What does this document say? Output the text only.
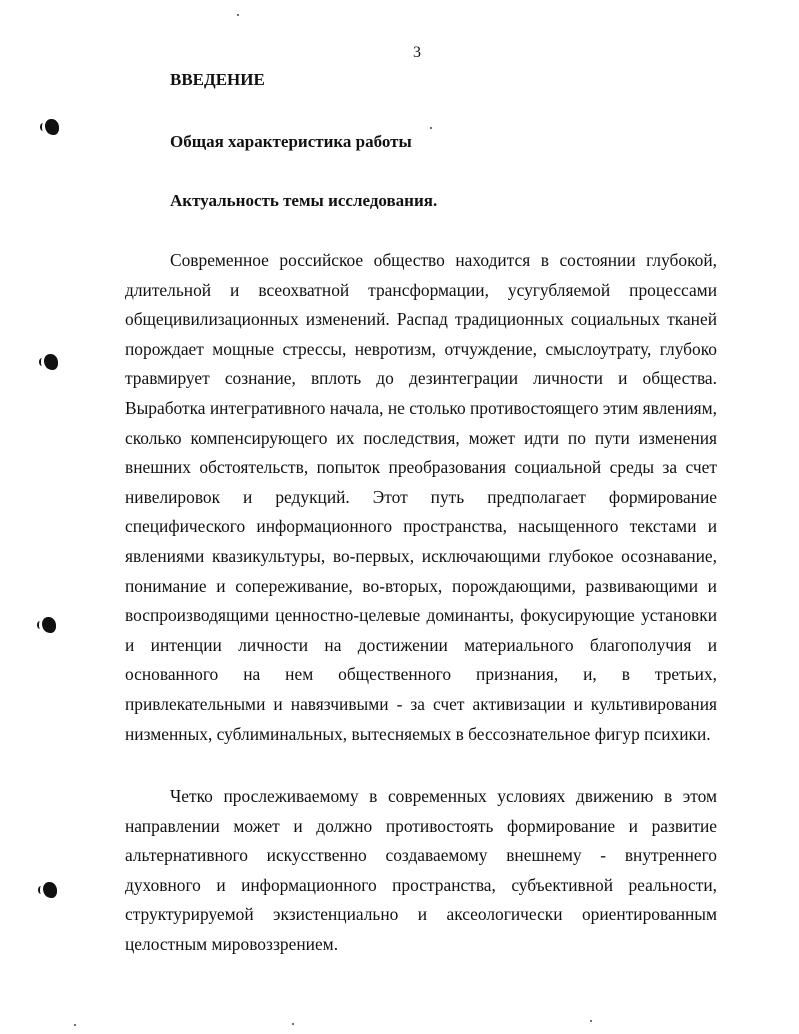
3
ВВЕДЕНИЕ
Общая характеристика работы
Актуальность темы исследования.

Современное российское общество находится в состоянии глубокой, длительной и всеохватной трансформации, усугубляемой процессами общецивилизационных изменений. Распад традиционных социальных тканей порождает мощные стрессы, невротизм, отчуждение, смыслоутрату, глубоко травмирует сознание, вплоть до дезинтеграции личности и общества. Выработка интегративного начала, не столько противостоящего этим явлениям, сколько компенсирующего их последствия, может идти по пути изменения внешних обстоятельств, попыток преобразования социальной среды за счет нивелировок и редукций. Этот путь предполагает формирование специфического информационного пространства, насыщенного текстами и явлениями квазикультуры, во-первых, исключающими глубокое осознавание, понимание и сопереживание, во-вторых, порождающими, развивающими и воспроизводящими ценностно-целевые доминанты, фокусирующие установки и интенции личности на достижении материального благополучия и основанного на нем общественного признания, и, в третьих, привлекательными и навязчивыми - за счет активизации и культивирования низменных, сублиминальных, вытесняемых в бессознательное фигур психики.

Четко прослеживаемому в современных условиях движению в этом направлении может и должно противостоять формирование и развитие альтернативного искусственно создаваемому внешнему - внутреннего духовного и информационного пространства, субъективной реальности, структурируемой экзистенциально и аксеологически ориентированным целостным мировоззрением.
